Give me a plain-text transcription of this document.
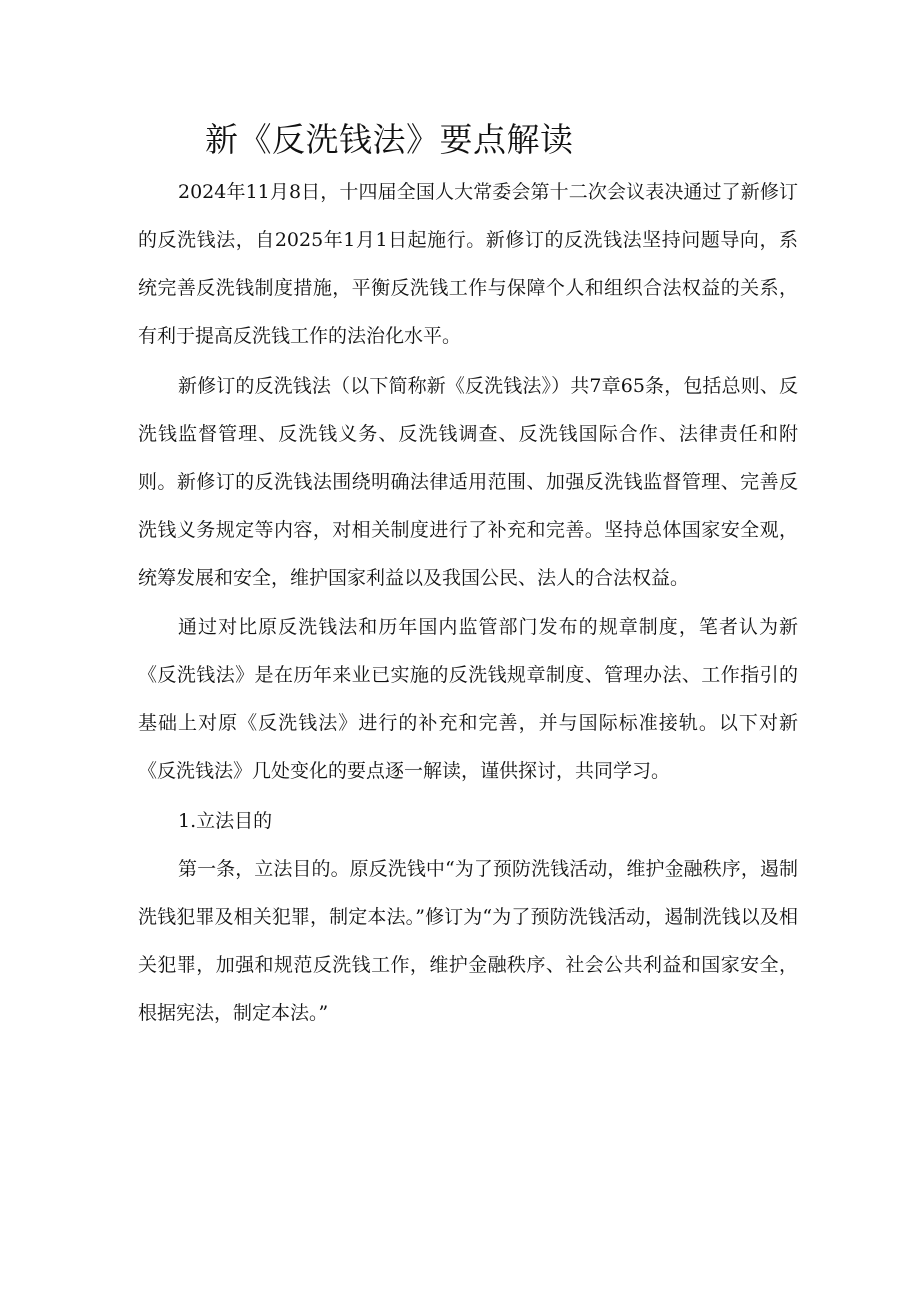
新《反洗钱法》要点解读

2024年11月8日，十四届全国人大常委会第十二次会议表决通过了新修订的反洗钱法，自2025年1月1日起施行。新修订的反洗钱法坚持问题导向，系统完善反洗钱制度措施，平衡反洗钱工作与保障个人和组织合法权益的关系，有利于提高反洗钱工作的法治化水平。

新修订的反洗钱法（以下简称新《反洗钱法》）共7章65条，包括总则、反洗钱监督管理、反洗钱义务、反洗钱调查、反洗钱国际合作、法律责任和附则。新修订的反洗钱法围绕明确法律适用范围、加强反洗钱监督管理、完善反洗钱义务规定等内容，对相关制度进行了补充和完善。坚持总体国家安全观，统筹发展和安全，维护国家利益以及我国公民、法人的合法权益。

通过对比原反洗钱法和历年国内监管部门发布的规章制度，笔者认为新《反洗钱法》是在历年来业已实施的反洗钱规章制度、管理办法、工作指引的基础上对原《反洗钱法》进行的补充和完善，并与国际标准接轨。以下对新《反洗钱法》几处变化的要点逐一解读，谨供探讨，共同学习。

1.立法目的

第一条，立法目的。原反洗钱中“为了预防洗钱活动，维护金融秩序，遏制洗钱犯罪及相关犯罪，制定本法。”修订为“为了预防洗钱活动，遏制洗钱以及相关犯罪，加强和规范反洗钱工作，维护金融秩序、社会公共利益和国家安全，根据宪法，制定本法。”
